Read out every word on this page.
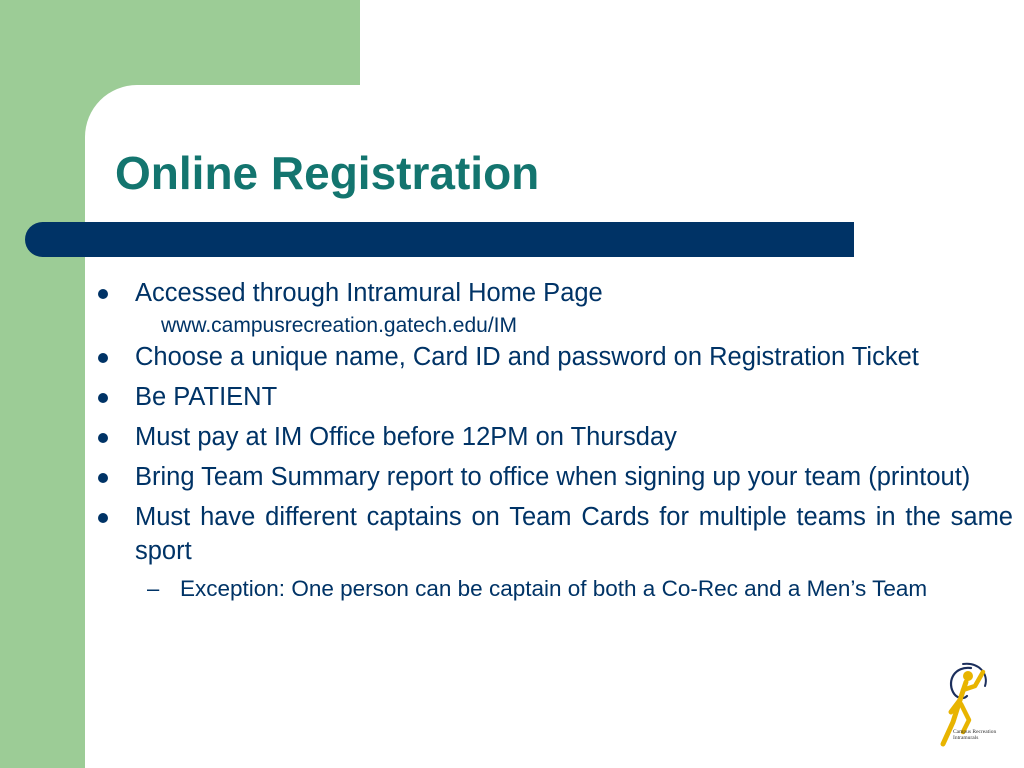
Online Registration
Accessed through Intramural Home Page
www.campusrecreation.gatech.edu/IM
Choose a unique name, Card ID and password on Registration Ticket
Be PATIENT
Must pay at IM Office before 12PM on Thursday
Bring Team Summary report to office when signing up your team (printout)
Must have different captains on Team Cards for multiple teams in the same sport
– Exception: One person can be captain of both a Co-Rec and a Men’s Team
Campus Recreation
Intramurals
